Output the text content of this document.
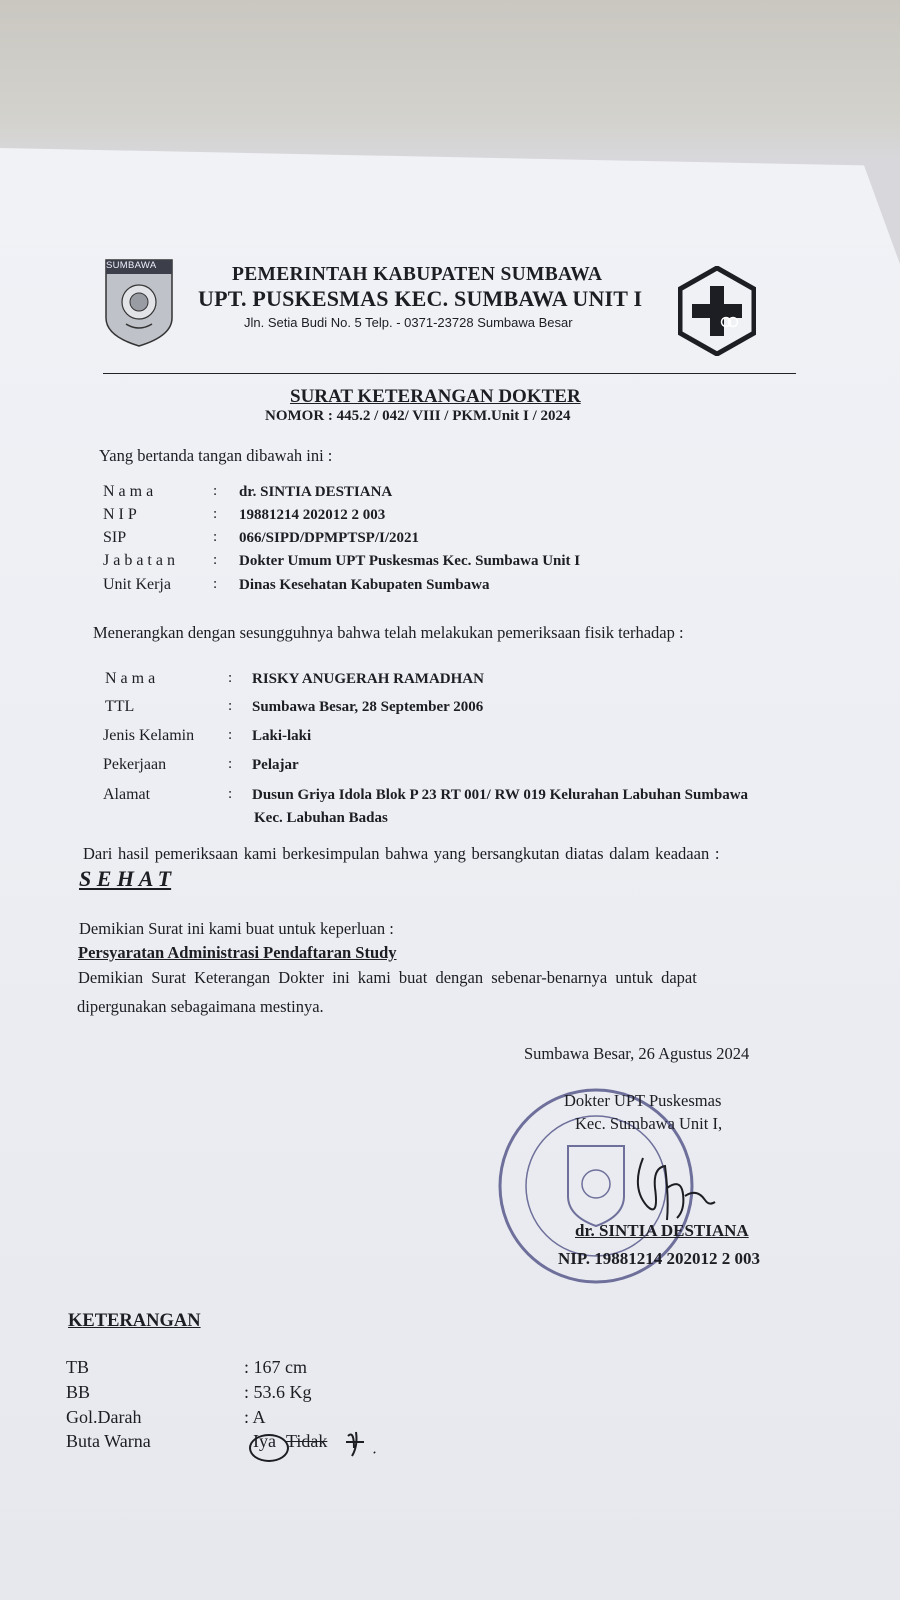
SUMBAWA	PEMERINTAH KABUPATEN SUMBAWA
UPT. PUSKESMAS KEC. SUMBAWA UNIT I
Jln. Setia Budi No. 5 Telp. - 0371-23728 Sumbawa Besar
SURAT KETERANGAN DOKTER
NOMOR : 445.2 / 042/ VIII / PKM.Unit I / 2024
Yang bertanda tangan dibawah ini :
N a m a	: dr. SINTIA DESTIANA
N I P	: 19881214 202012 2 003
SIP	: 066/SIPD/DPMPTSP/I/2021
J a b a t a n	: Dokter Umum UPT Puskesmas Kec. Sumbawa Unit I
Unit Kerja	: Dinas Kesehatan Kabupaten Sumbawa
Menerangkan dengan sesungguhnya bahwa telah melakukan pemeriksaan fisik terhadap :
N a m a	: RISKY ANUGERAH RAMADHAN
TTL	: Sumbawa Besar, 28 September 2006
Jenis Kelamin : Laki-laki
Pekerjaan	: Pelajar
Alamat	: Dusun Griya Idola Blok P 23 RT 001/ RW 019 Kelurahan Labuhan Sumbawa
Kec. Labuhan Badas
Dari hasil pemeriksaan kami berkesimpulan bahwa yang bersangkutan diatas dalam keadaan :
S E H A T
Demikian Surat ini kami buat untuk keperluan :
Persyaratan Administrasi Pendaftaran Study
Demikian Surat Keterangan Dokter ini kami buat dengan sebenar-benarnya untuk dapat
dipergunakan sebagaimana mestinya.
Sumbawa Besar, 26 Agustus 2024
Dokter UPT Puskesmas
Kec. Sumbawa Unit I,
dr. SINTIA DESTIANA
NIP. 19881214 202012 2 003
KETERANGAN
TB	: 167 cm
BB	: 53.6 Kg
Gol.Darah	: A
Buta Warna	Iya Tidak
